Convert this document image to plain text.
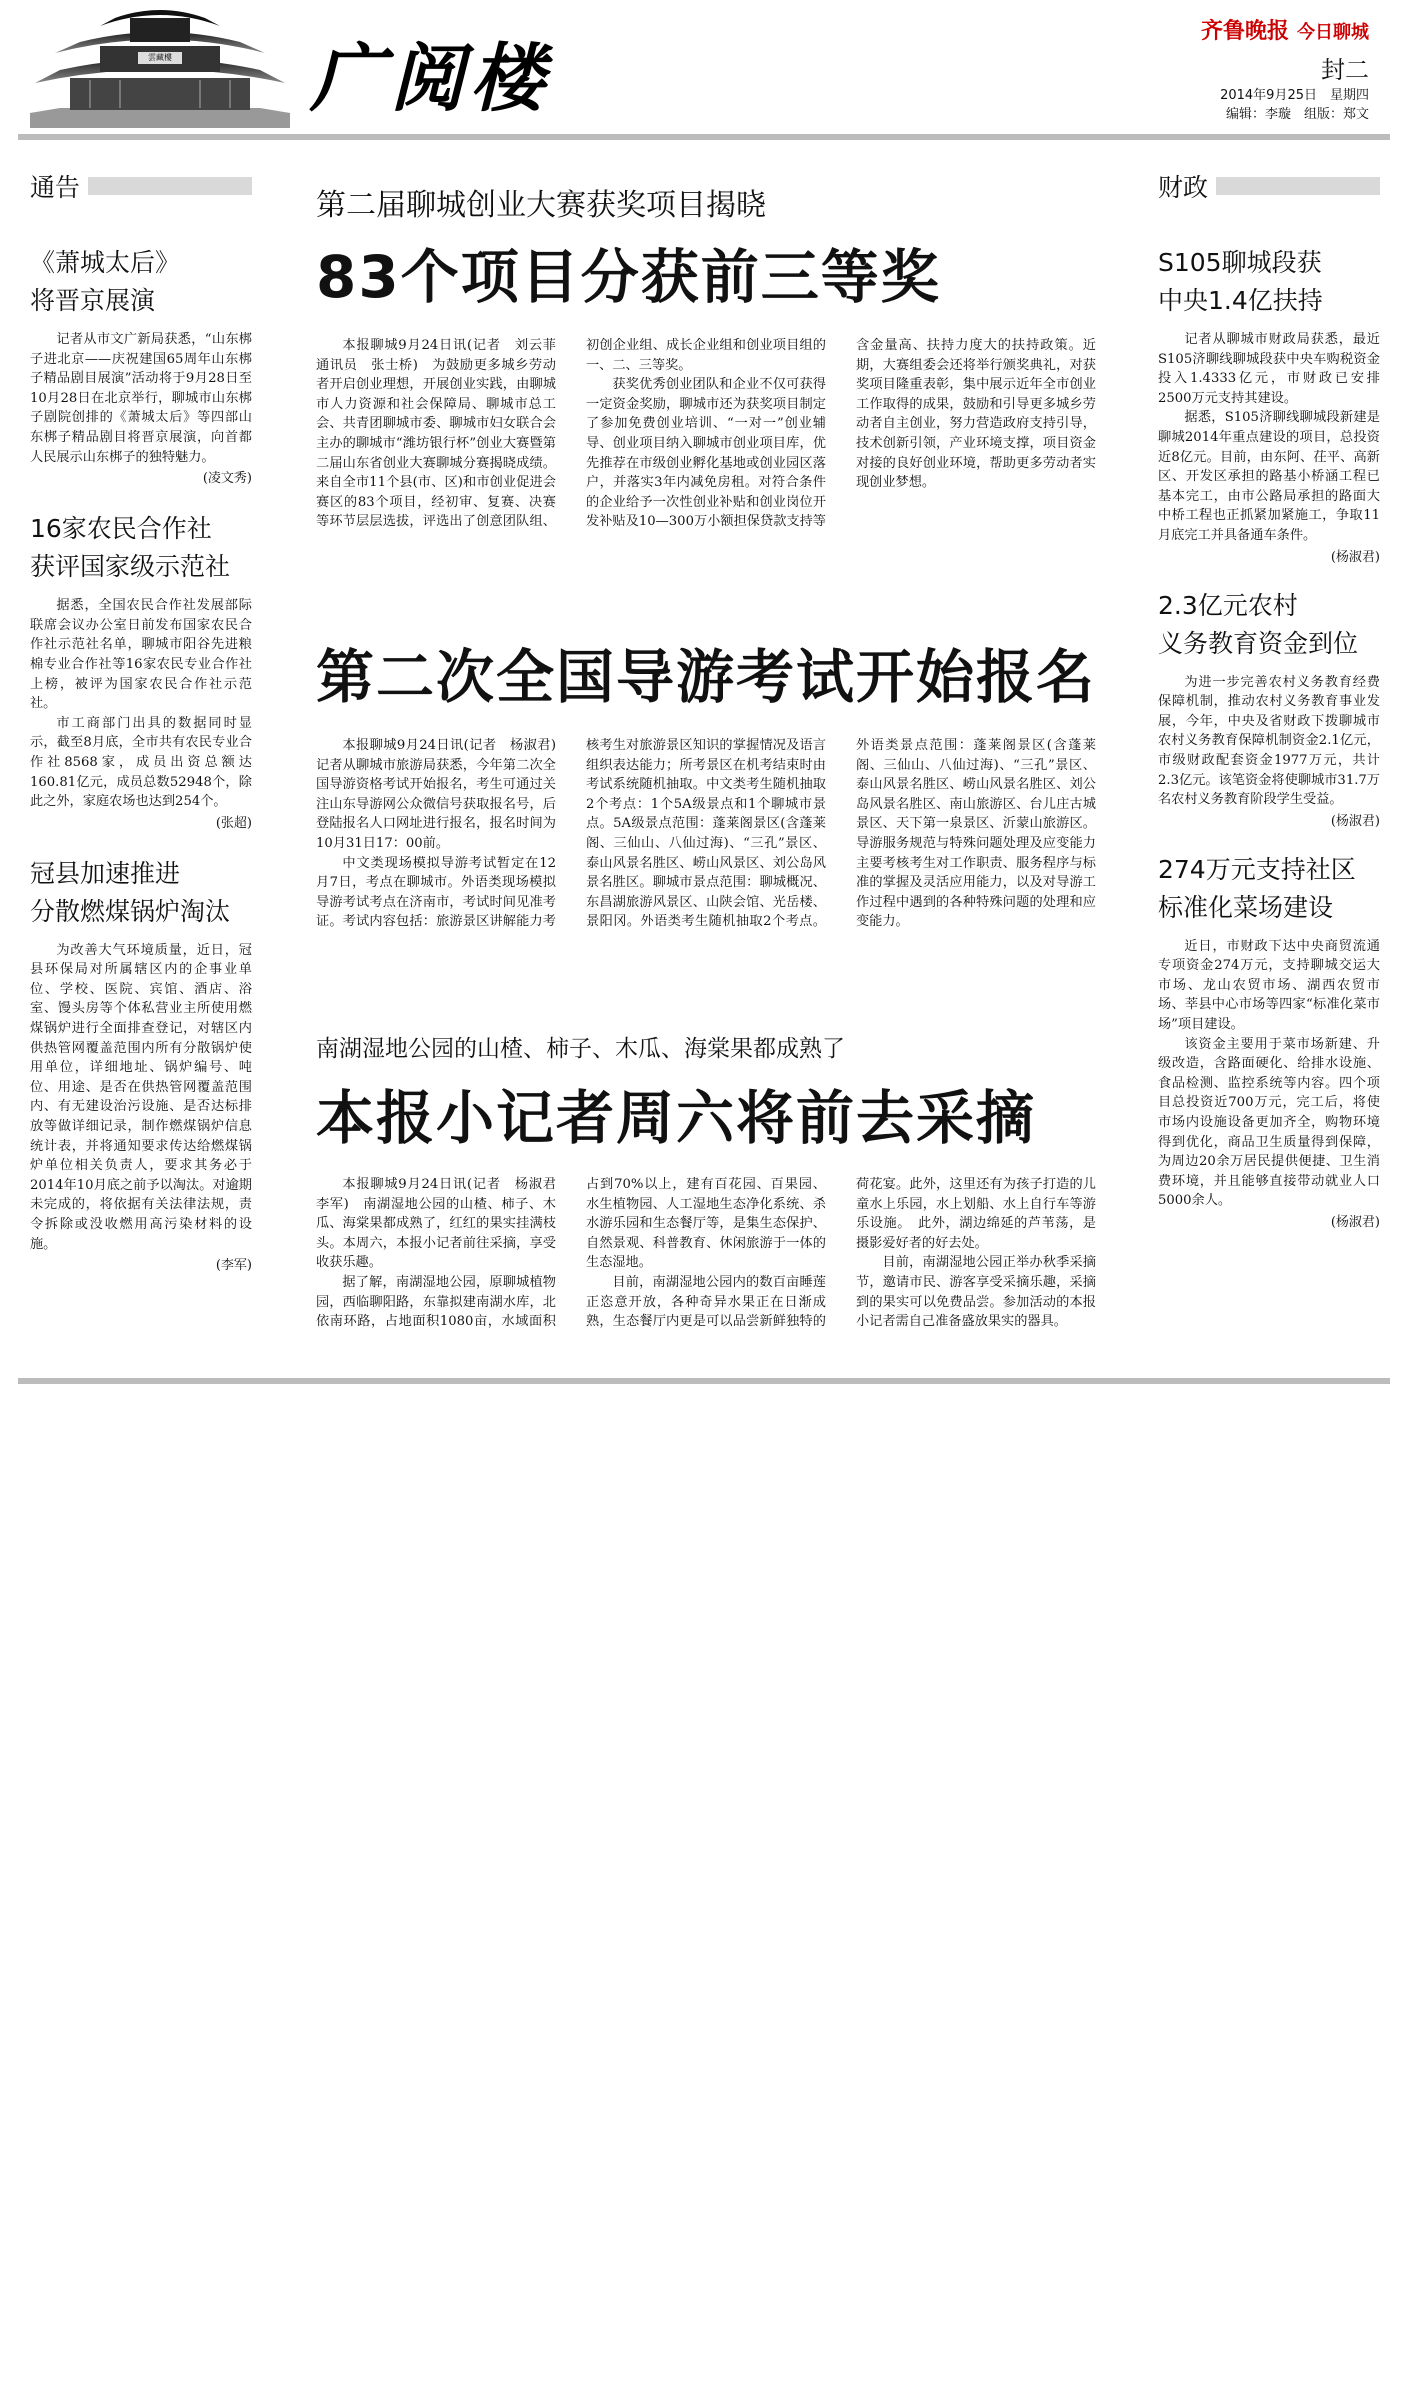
雲藏樓 广阅楼
齐鲁晚报 今日聊城
封二
2014年9月25日　星期四
编辑：李璇　组版：郑文
通告
《萧城太后》
将晋京展演

记者从市文广新局获悉，“山东梆子进北京——庆祝建国65周年山东梆子精品剧目展演”活动将于9月28日至10月28日在北京举行，聊城市山东梆子剧院创排的《萧城太后》等四部山东梆子精品剧目将晋京展演，向首都人民展示山东梆子的独特魅力。

(凌文秀)
16家农民合作社
获评国家级示范社

据悉，全国农民合作社发展部际联席会议办公室日前发布国家农民合作社示范社名单，聊城市阳谷先进粮棉专业合作社等16家农民专业合作社上榜，被评为国家农民合作社示范社。

市工商部门出具的数据同时显示，截至8月底，全市共有农民专业合作社8568家，成员出资总额达160.81亿元，成员总数52948个，除此之外，家庭农场也达到254个。

(张超)
冠县加速推进
分散燃煤锅炉淘汰

为改善大气环境质量，近日，冠县环保局对所属辖区内的企事业单位、学校、医院、宾馆、酒店、浴室、馒头房等个体私营业主所使用燃煤锅炉进行全面排查登记，对辖区内供热管网覆盖范围内所有分散锅炉使用单位，详细地址、锅炉编号、吨位、用途、是否在供热管网覆盖范围内、有无建设治污设施、是否达标排放等做详细记录，制作燃煤锅炉信息统计表，并将通知要求传达给燃煤锅炉单位相关负责人，要求其务必于2014年10月底之前予以淘汰。对逾期未完成的，将依据有关法律法规，责令拆除或没收燃用高污染材料的设施。

(李军)
第二届聊城创业大赛获奖项目揭晓
83个项目分获前三等奖

本报聊城9月24日讯(记者　刘云菲　通讯员　张士桥)　为鼓励更多城乡劳动者开启创业理想，开展创业实践，由聊城市人力资源和社会保障局、聊城市总工会、共青团聊城市委、聊城市妇女联合会主办的聊城市“潍坊银行杯”创业大赛暨第二届山东省创业大赛聊城分赛揭晓成绩。来自全市11个县(市、区)和市创业促进会赛区的83个项目，经初审、复赛、决赛等环节层层选拔，评选出了创意团队组、初创企业组、成长企业组和创业项目组的一、二、三等奖。

获奖优秀创业团队和企业不仅可获得一定资金奖励，聊城市还为获奖项目制定了参加免费创业培训、“一对一”创业辅导、创业项目纳入聊城市创业项目库，优先推荐在市级创业孵化基地或创业园区落户，并落实3年内减免房租。对符合条件的企业给予一次性创业补贴和创业岗位开发补贴及10—300万小额担保贷款支持等含金量高、扶持力度大的扶持政策。近期，大赛组委会还将举行颁奖典礼，对获奖项目隆重表彰，集中展示近年全市创业工作取得的成果，鼓励和引导更多城乡劳动者自主创业，努力营造政府支持引导，技术创新引领，产业环境支撑，项目资金对接的良好创业环境，帮助更多劳动者实现创业梦想。

第二次全国导游考试开始报名

本报聊城9月24日讯(记者　杨淑君)　记者从聊城市旅游局获悉，今年第二次全国导游资格考试开始报名，考生可通过关注山东导游网公众微信号获取报名号，后登陆报名人口网址进行报名，报名时间为10月31日17：00前。

中文类现场模拟导游考试暂定在12月7日，考点在聊城市。外语类现场模拟导游考试考点在济南市，考试时间见准考证。考试内容包括：旅游景区讲解能力考核考生对旅游景区知识的掌握情况及语言组织表达能力；所考景区在机考结束时由考试系统随机抽取。中文类考生随机抽取2个考点：1个5A级景点和1个聊城市景点。5A级景点范围：蓬莱阁景区(含蓬莱阁、三仙山、八仙过海)、“三孔”景区、泰山风景名胜区、崂山风景区、刘公岛风景名胜区。聊城市景点范围：聊城概况、东昌湖旅游风景区、山陕会馆、光岳楼、景阳冈。外语类考生随机抽取2个考点。外语类景点范围：蓬莱阁景区(含蓬莱阁、三仙山、八仙过海)、“三孔”景区、泰山风景名胜区、崂山风景名胜区、刘公岛风景名胜区、南山旅游区、台儿庄古城景区、天下第一泉景区、沂蒙山旅游区。导游服务规范与特殊问题处理及应变能力主要考核考生对工作职责、服务程序与标准的掌握及灵活应用能力，以及对导游工作过程中遇到的各种特殊问题的处理和应变能力。

南湖湿地公园的山楂、柿子、木瓜、海棠果都成熟了
本报小记者周六将前去采摘

本报聊城9月24日讯(记者　杨淑君　李军)　南湖湿地公园的山楂、柿子、木瓜、海棠果都成熟了，红红的果实挂满枝头。本周六，本报小记者前往采摘，享受收获乐趣。

据了解，南湖湿地公园，原聊城植物园，西临聊阳路，东靠拟建南湖水库，北依南环路，占地面积1080亩，水域面积占到70%以上，建有百花园、百果园、水生植物园、人工湿地生态净化系统、杀水游乐园和生态餐厅等，是集生态保护、自然景观、科普教育、休闲旅游于一体的生态湿地。

目前，南湖湿地公园内的数百亩睡莲正恣意开放，各种奇异水果正在日渐成熟，生态餐厅内更是可以品尝新鲜独特的荷花宴。此外，这里还有为孩子打造的儿童水上乐园，水上划船、水上自行车等游乐设施。　此外，湖边绵延的芦苇荡，是摄影爱好者的好去处。

目前，南湖湿地公园正举办秋季采摘节，邀请市民、游客享受采摘乐趣，采摘到的果实可以免费品尝。参加活动的本报小记者需自己准备盛放果实的器具。

财政
S105聊城段获
中央1.4亿扶持

记者从聊城市财政局获悉，最近S105济聊线聊城段获中央车购税资金投入1.4333亿元，市财政已安排2500万元支持其建设。

据悉，S105济聊线聊城段新建是聊城2014年重点建设的项目，总投资近8亿元。目前，由东阿、茌平、高新区、开发区承担的路基小桥涵工程已基本完工，由市公路局承担的路面大中桥工程也正抓紧加紧施工，争取11月底完工并具备通车条件。

(杨淑君)
2.3亿元农村
义务教育资金到位

为进一步完善农村义务教育经费保障机制，推动农村义务教育事业发展，今年，中央及省财政下拨聊城市农村义务教育保障机制资金2.1亿元，市级财政配套资金1977万元，共计2.3亿元。该笔资金将使聊城市31.7万名农村义务教育阶段学生受益。

(杨淑君)
274万元支持社区
标准化菜场建设

近日，市财政下达中央商贸流通专项资金274万元，支持聊城交运大市场、龙山农贸市场、湖西农贸市场、莘县中心市场等四家“标准化菜市场”项目建设。

该资金主要用于菜市场新建、升级改造，含路面硬化、给排水设施、食品检测、监控系统等内容。四个项目总投资近700万元，完工后，将使市场内设施设备更加齐全，购物环境得到优化，商品卫生质量得到保障，为周边20余万居民提供便捷、卫生消费环境，并且能够直接带动就业人口5000余人。

(杨淑君)
